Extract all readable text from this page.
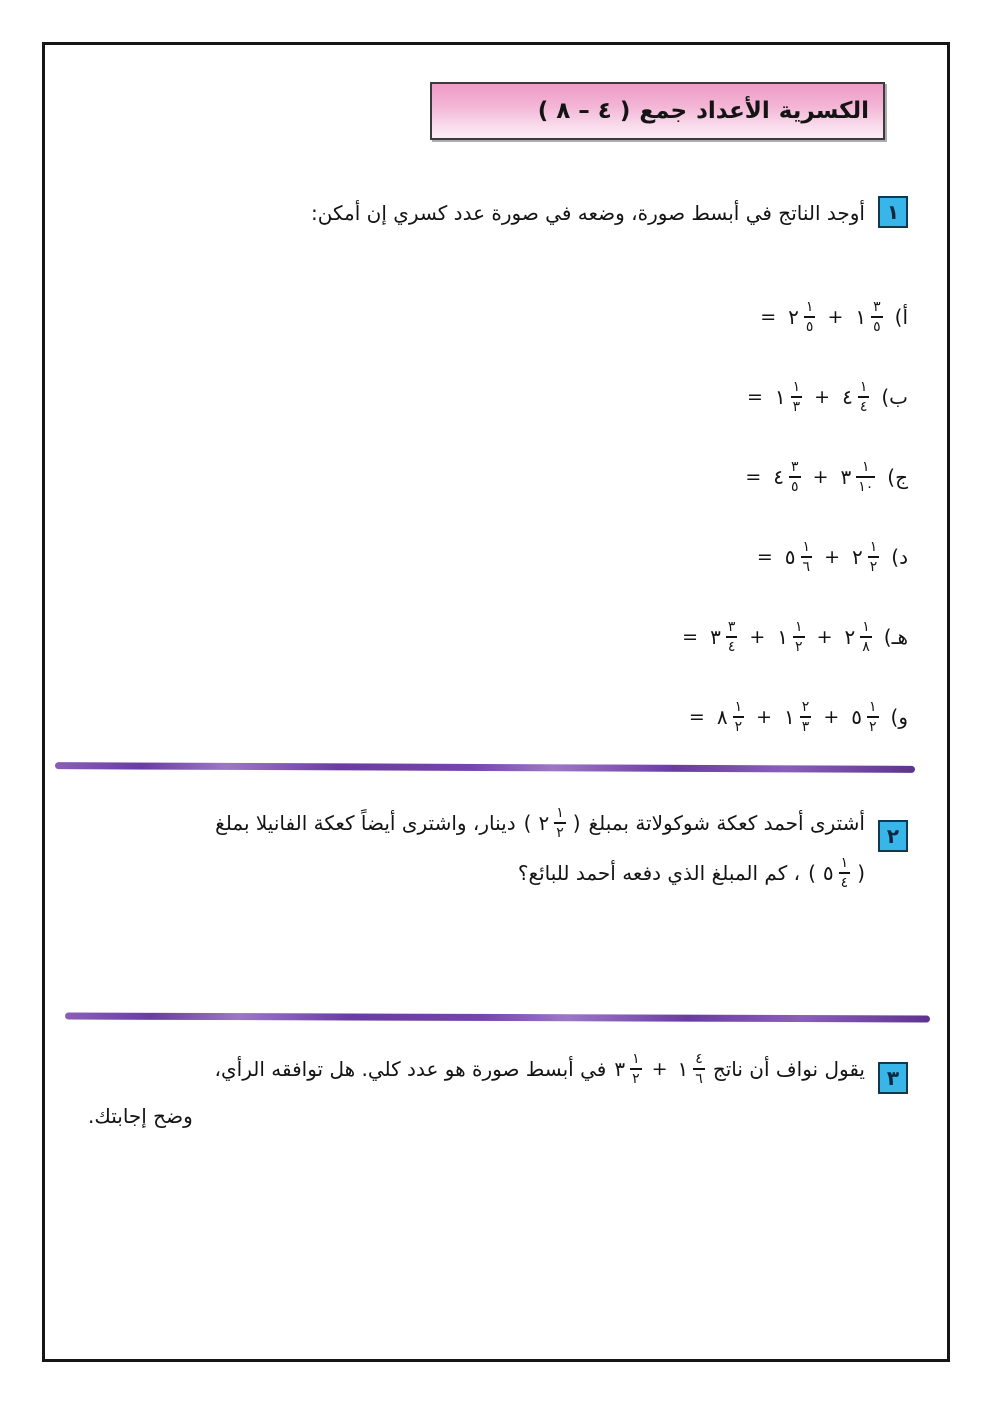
( ٤ – ٨ ) جمع الأعداد الكسرية
١
أوجد الناتج في أبسط صورة، وضعه في صورة عدد كسري إن أمكن:
أ)
١ $\frac{٣}{٥}$
+
٢ $\frac{١}{٥}$
=
ب)
٤ $\frac{١}{٤}$
+
١ $\frac{١}{٣}$
=
ج)
٣ $\frac{١}{١٠}$
+
٤ $\frac{٣}{٥}$
=
د)
٢ $\frac{١}{٢}$
+
٥ $\frac{١}{٦}$
=
هـ)
٢ $\frac{١}{٨}$
+
١ $\frac{١}{٢}$
+
٣ $\frac{٣}{٤}$
=
و)
٥ $\frac{١}{٢}$
+
١ $\frac{٢}{٣}$
+
٨ $\frac{١}{٢}$
=
٢
أشترى أحمد كعكة شوكولاتة بمبلغ
( ٢ $\frac{١}{٢}$ )
دينار، واشترى أيضاً كعكة الفانيلا بملغ
( ٥ $\frac{١}{٤}$ )
، كم المبلغ الذي دفعه أحمد للبائع؟
٣
يقول نواف أن ناتج
١ $\frac{٤}{٦}$
+
٣ $\frac{١}{٢}$
في أبسط صورة هو عدد كلي. هل توافقه الرأي،
وضح إجابتك.
